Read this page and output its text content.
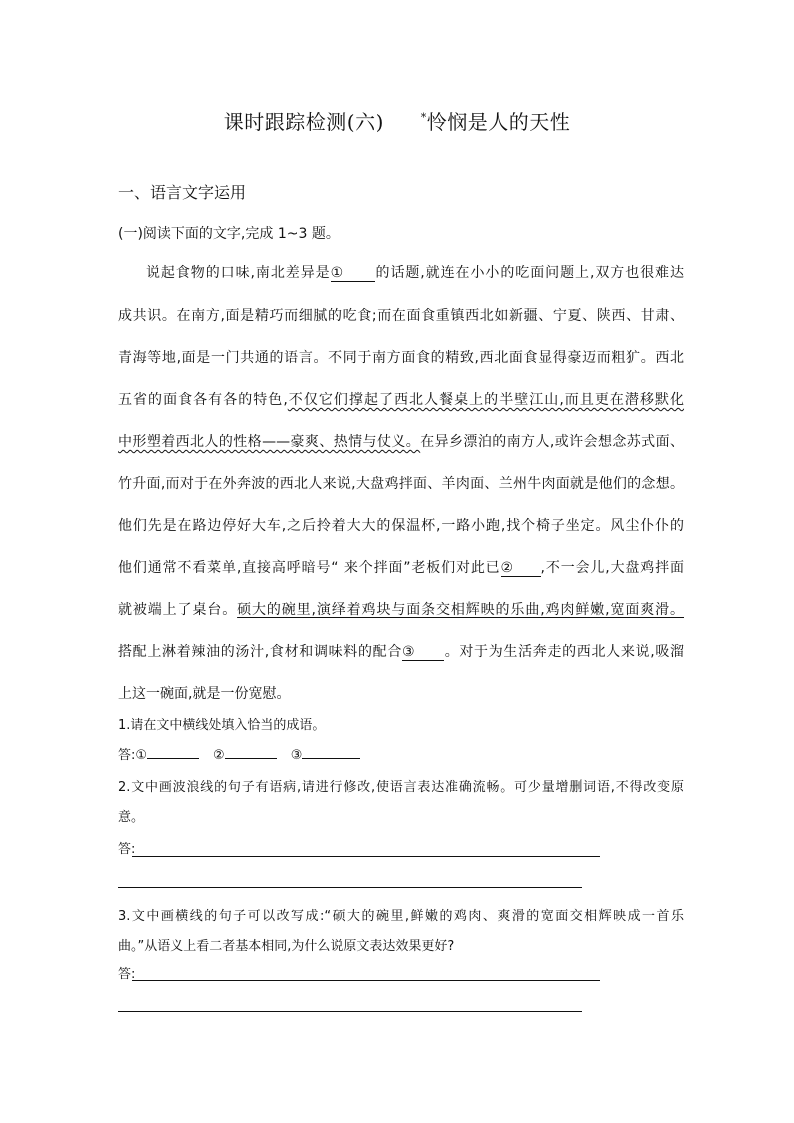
课时跟踪检测(六)	*怜悯是人的天性
一、语言文字运用
(一)阅读下面的文字,完成 1~3 题。
说起食物的口味,南北差异是① 的话题,就连在小小的吃面问题上,双方也很难达
成共识。在南方,面是精巧而细腻的吃食;而在面食重镇西北如新疆、宁夏、陕西、甘肃、
青海等地,面是一门共通的语言。不同于南方面食的精致,西北面食显得豪迈而粗犷。西北
五省的面食各有各的特色,不仅它们撑起了西北人餐桌上的半壁江山,而且更在潜移默化
中形塑着西北人的性格——豪爽、热情与仗义。在异乡漂泊的南方人,或许会想念苏式面、
竹升面,而对于在外奔波的西北人来说,大盘鸡拌面、羊肉面、兰州牛肉面就是他们的念想。
他们先是在路边停好大车,之后拎着大大的保温杯,一路小跑,找个椅子坐定。风尘仆仆的
他们通常不看菜单,直接高呼暗号“ 来个拌面”老板们对此已② ,不一会儿,大盘鸡拌面
就被端上了桌台。硕大的碗里,演绎着鸡块与面条交相辉映的乐曲,鸡肉鲜嫩,宽面爽滑。
搭配上淋着辣油的汤汁,食材和调味料的配合③ 。对于为生活奔走的西北人来说,吸溜
上这一碗面,就是一份宽慰。
1.请在文中横线处填入恰当的成语。
答:①	②	③
2.文中画波浪线的句子有语病,请进行修改,使语言表达准确流畅。可少量增删词语,不得改变原
意。
答:
3.文中画横线的句子可以改写成:“硕大的碗里,鲜嫩的鸡肉、爽滑的宽面交相辉映成一首乐
曲。”从语义上看二者基本相同,为什么说原文表达效果更好?
答:
